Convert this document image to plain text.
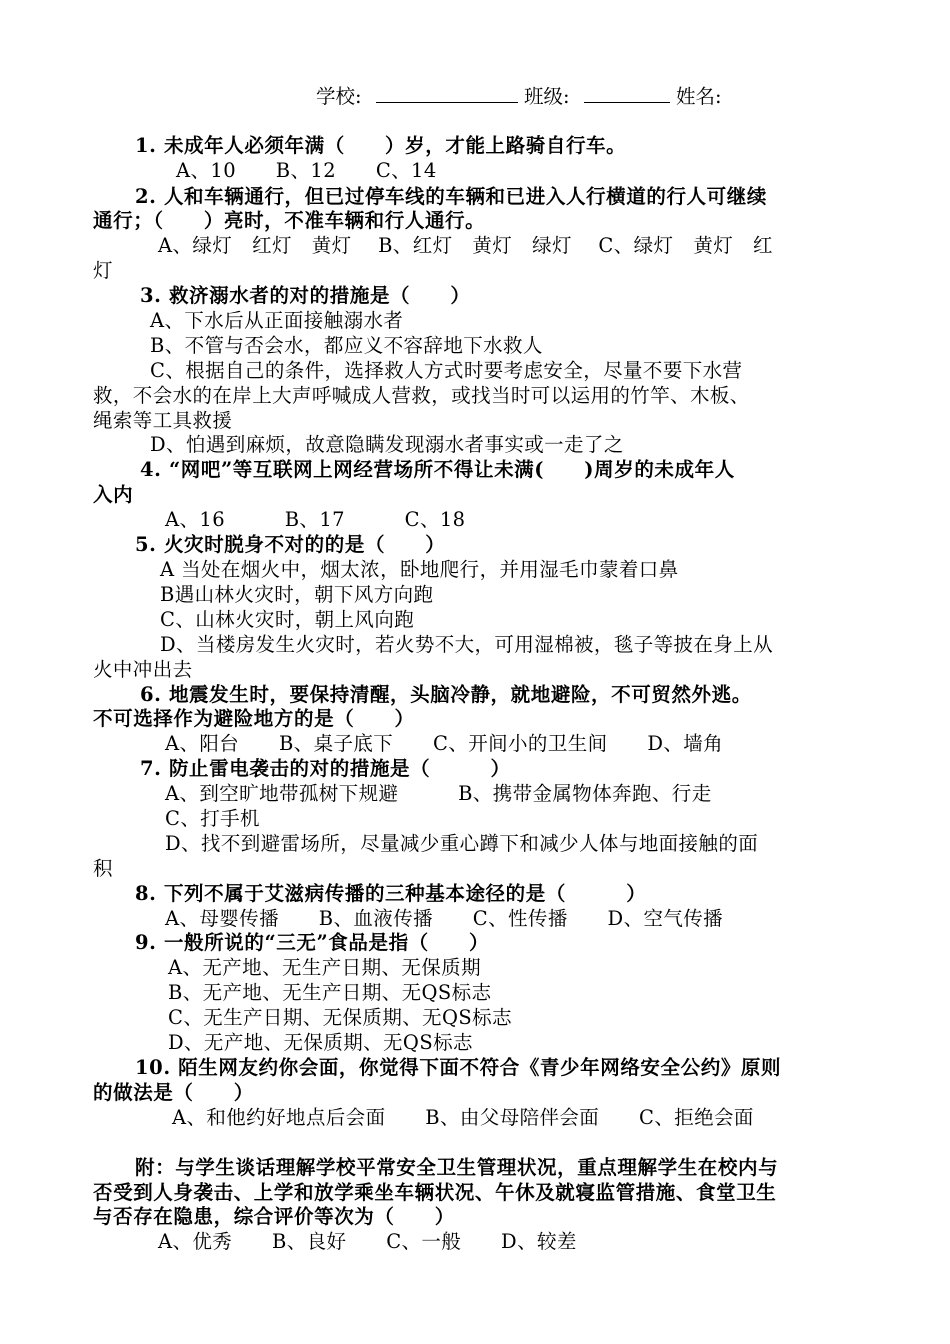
学校:	班级:	姓名:
1. 未成年人必须年满（　　）岁，才能上路骑自行车。
A、10　　B、12　　C、14
2. 人和车辆通行，但已过停车线的车辆和已进入人行横道的行人可继续
通行；（　　）亮时，不准车辆和行人通行。
A、绿灯　红灯　黄灯　 B、红灯　黄灯　绿灯　 C、绿灯　黄灯　红
灯
3. 救济溺水者的对的措施是（　　）
A、下水后从正面接触溺水者
B、不管与否会水，都应义不容辞地下水救人
C、根据自己的条件，选择救人方式时要考虑安全，尽量不要下水营
救，不会水的在岸上大声呼喊成人营救，或找当时可以运用的竹竿、木板、
绳索等工具救援
D、怕遇到麻烦，故意隐瞒发现溺水者事实或一走了之
4. “网吧”等互联网上网经营场所不得让未满(　　)周岁的未成年人
入内
A、16　　　B、17　　　C、18
5. 火灾时脱身不对的的是（　　）
A 当处在烟火中，烟太浓，卧地爬行，并用湿毛巾蒙着口鼻
B遇山林火灾时，朝下风方向跑
C、山林火灾时，朝上风向跑
D、当楼房发生火灾时，若火势不大，可用湿棉被，毯子等披在身上从
火中冲出去
6. 地震发生时，要保持清醒，头脑冷静，就地避险，不可贸然外逃。
不可选择作为避险地方的是（　　）
A、阳台　　B、桌子底下　　C、开间小的卫生间　　D、墙角
7. 防止雷电袭击的对的措施是（　　　）
A、到空旷地带孤树下规避　　　B、携带金属物体奔跑、行走
C、打手机
D、找不到避雷场所，尽量减少重心蹲下和减少人体与地面接触的面
积
8. 下列不属于艾滋病传播的三种基本途径的是（　　　）
A、母婴传播　　B、血液传播　　C、性传播　　D、空气传播
9. 一般所说的“三无”食品是指（　　）
A、无产地、无生产日期、无保质期
B、无产地、无生产日期、无QS标志
C、无生产日期、无保质期、无QS标志
D、无产地、无保质期、无QS标志
10. 陌生网友约你会面，你觉得下面不符合《青少年网络安全公约》原则
的做法是（　　）
A、和他约好地点后会面　　B、由父母陪伴会面　　C、拒绝会面
附：与学生谈话理解学校平常安全卫生管理状况，重点理解学生在校内与
否受到人身袭击、上学和放学乘坐车辆状况、午休及就寝监管措施、食堂卫生
与否存在隐患，综合评价等次为（　　）
A、优秀　　B、良好　　C、一般　　D、较差
